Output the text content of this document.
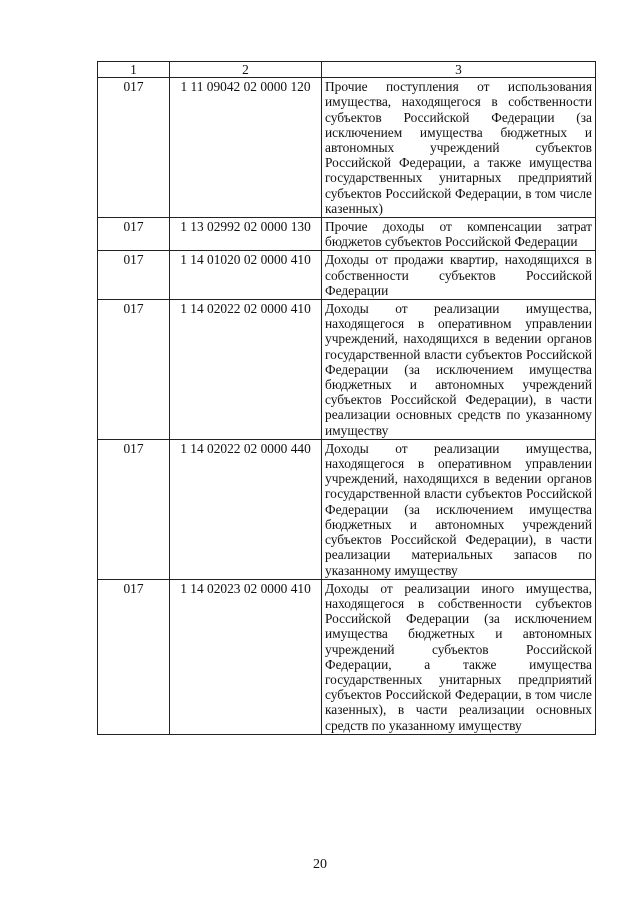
1	2	3
017	1 11 09042 02 0000 120	Прочие поступления от использования имущества, находящегося в собственности субъектов Российской Федерации (за исключением имущества бюджетных и автономных учреждений субъектов Российской Федерации, а также имущества государственных унитарных предприятий субъектов Российской Федерации, в том числе казенных)
017	1 13 02992 02 0000 130	Прочие доходы от компенсации затрат бюджетов субъектов Российской Федерации
017	1 14 01020 02 0000 410	Доходы от продажи квартир, находящихся в собственности субъектов Российской Федерации
017	1 14 02022 02 0000 410	Доходы от реализации имущества, находящегося в оперативном управлении учреждений, находящихся в ведении органов государственной власти субъектов Российской Федерации (за исключением имущества бюджетных и автономных учреждений субъектов Российской Федерации), в части реализации основных средств по указанному имуществу
017	1 14 02022 02 0000 440	Доходы от реализации имущества, находящегося в оперативном управлении учреждений, находящихся в ведении органов государственной власти субъектов Российской Федерации (за исключением имущества бюджетных и автономных учреждений субъектов Российской Федерации), в части реализации материальных запасов по указанному имуществу
017	1 14 02023 02 0000 410	Доходы от реализации иного имущества, находящегося в собственности субъектов Российской Федерации (за исключением имущества бюджетных и автономных учреждений субъектов Российской Федерации, а также имущества государственных унитарных предприятий субъектов Российской Федерации, в том числе казенных), в части реализации основных средств по указанному имуществу
20
